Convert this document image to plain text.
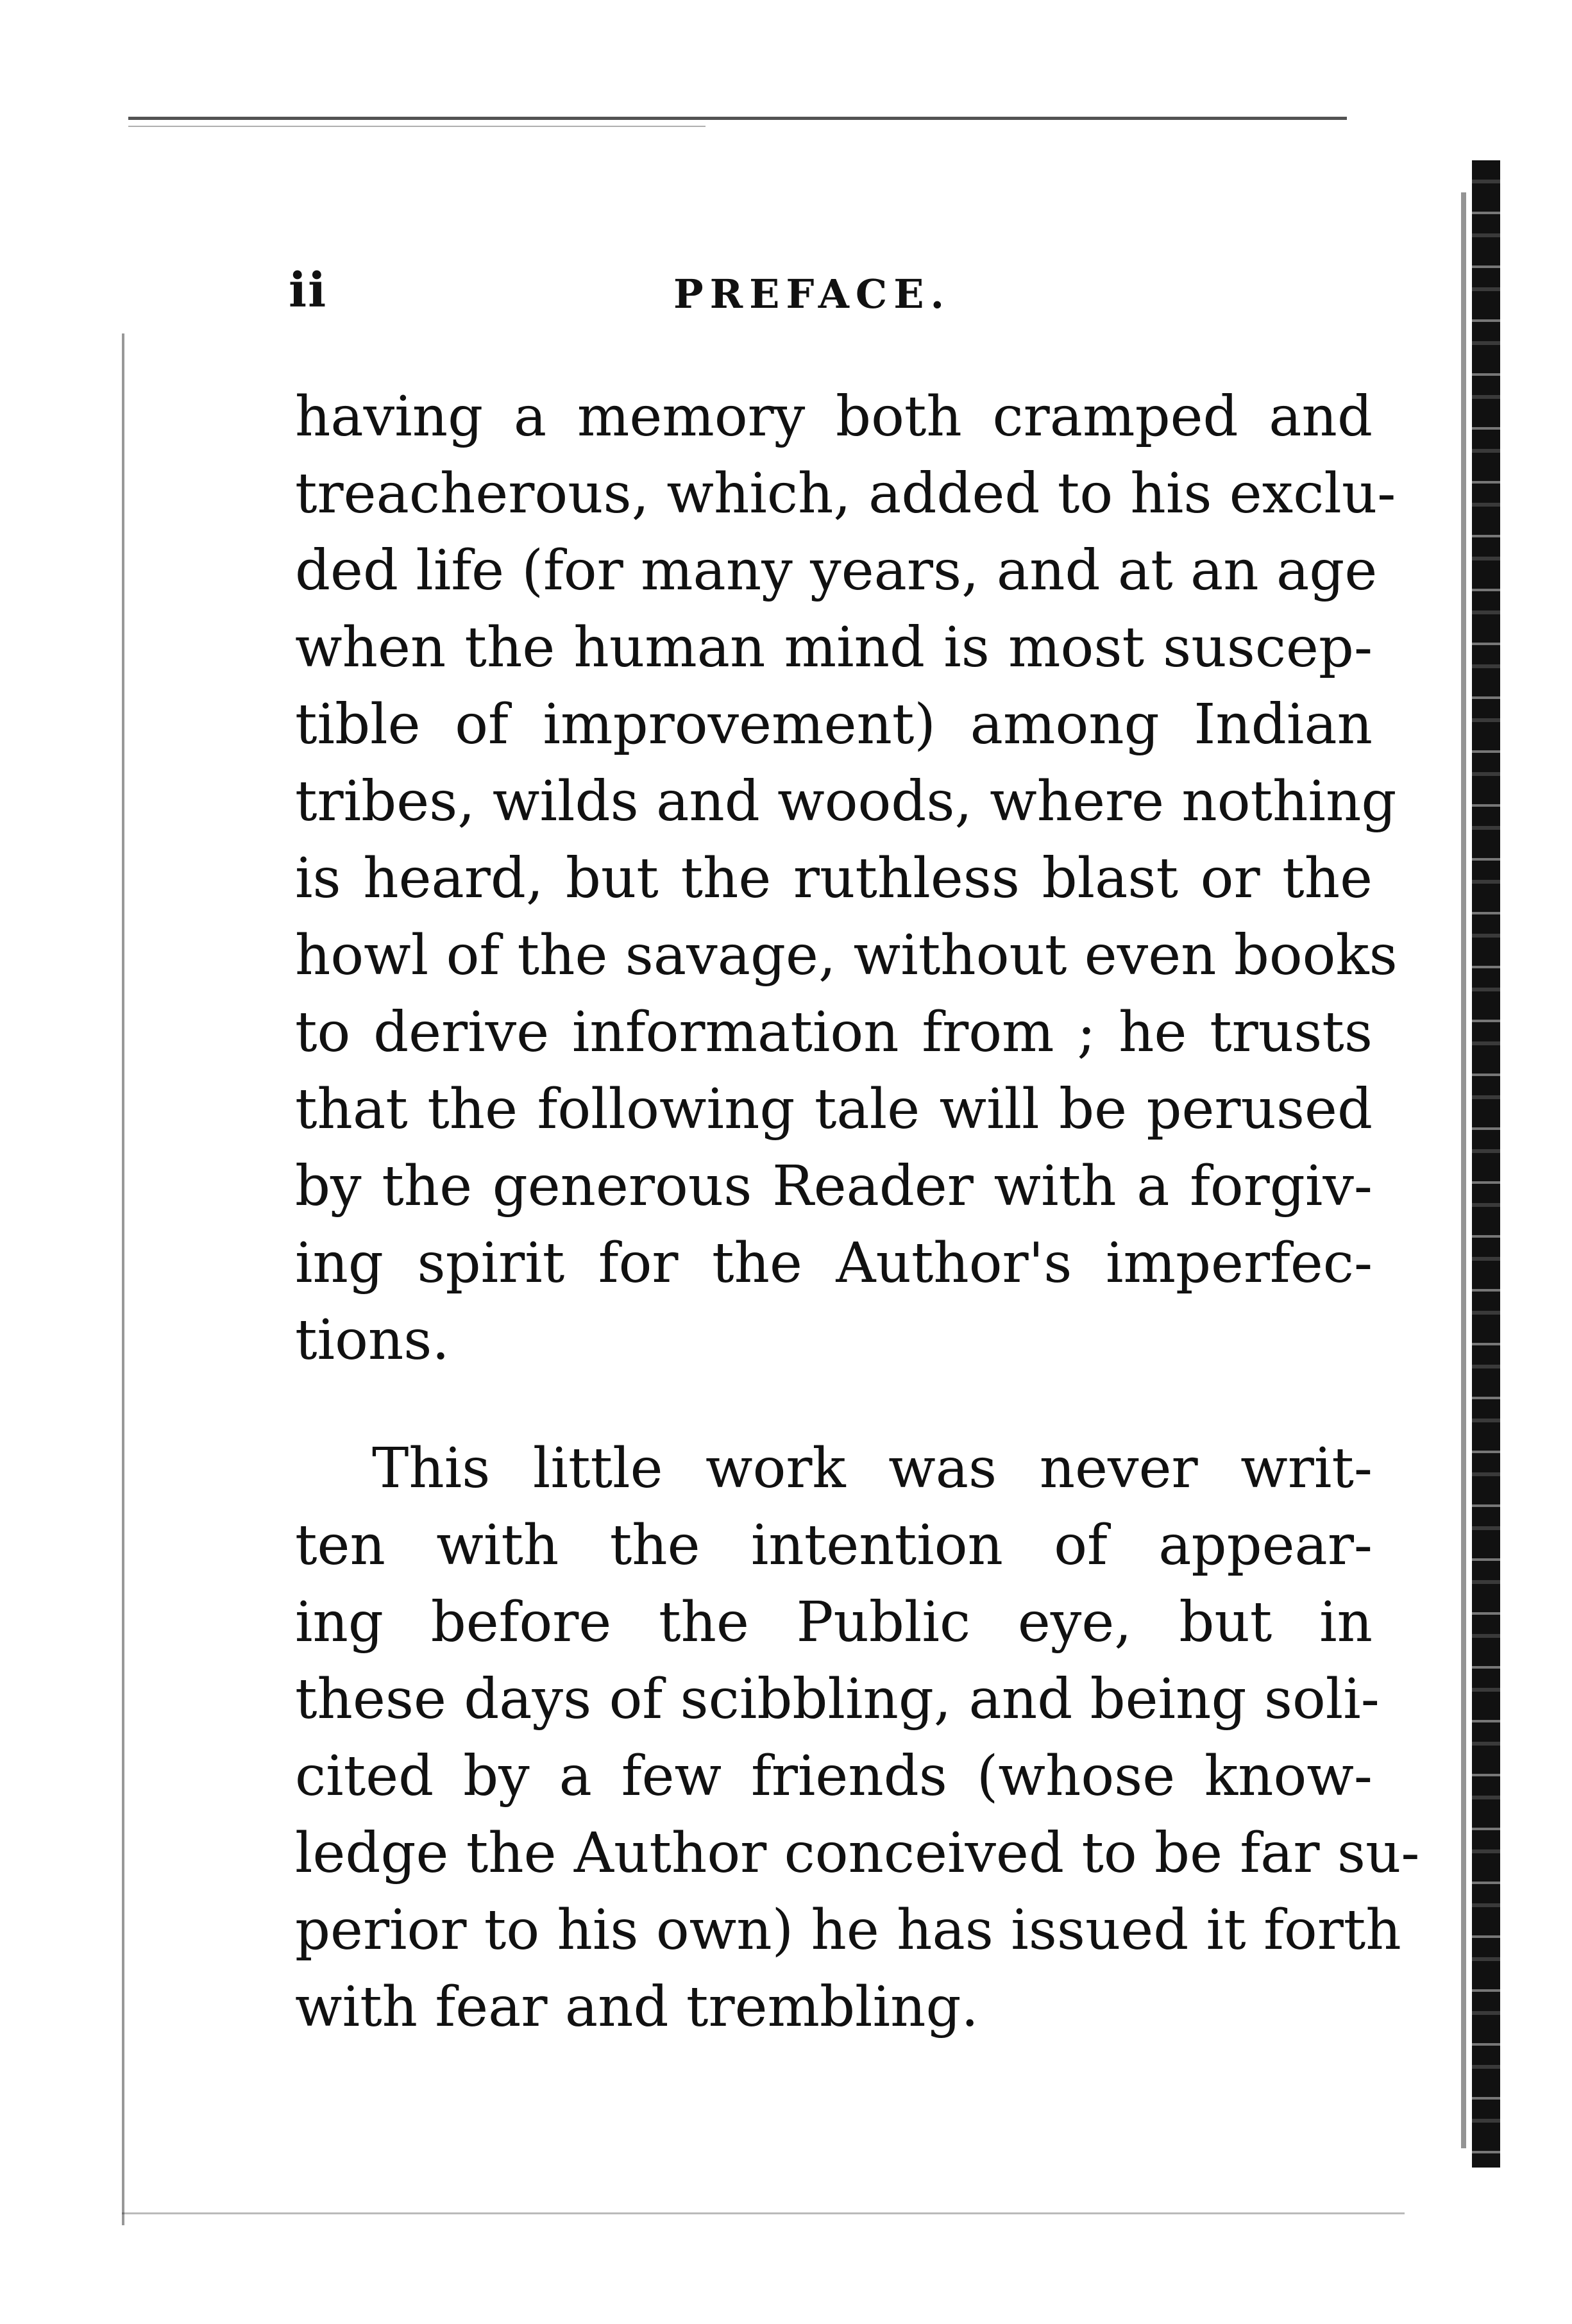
ii	PREFACE.
having a memory both cramped and
treacherous, which, added to his exclu-
ded life (for many years, and at an age
when the human mind is most suscep-
tible of improvement) among Indian
tribes, wilds and woods, where nothing
is heard, but the ruthless blast or the
howl of the savage, without even books
to derive information from ; he trusts
that the following tale will be perused
by the generous Reader with a forgiv-
ing spirit for the Author's imperfec-
tions.
This little work was never writ-
ten with the intention of appear-
ing before the Public eye, but in
these days of scibbling, and being soli-
cited by a few friends (whose know-
ledge the Author conceived to be far su-
perior to his own) he has issued it forth
with fear and trembling.
